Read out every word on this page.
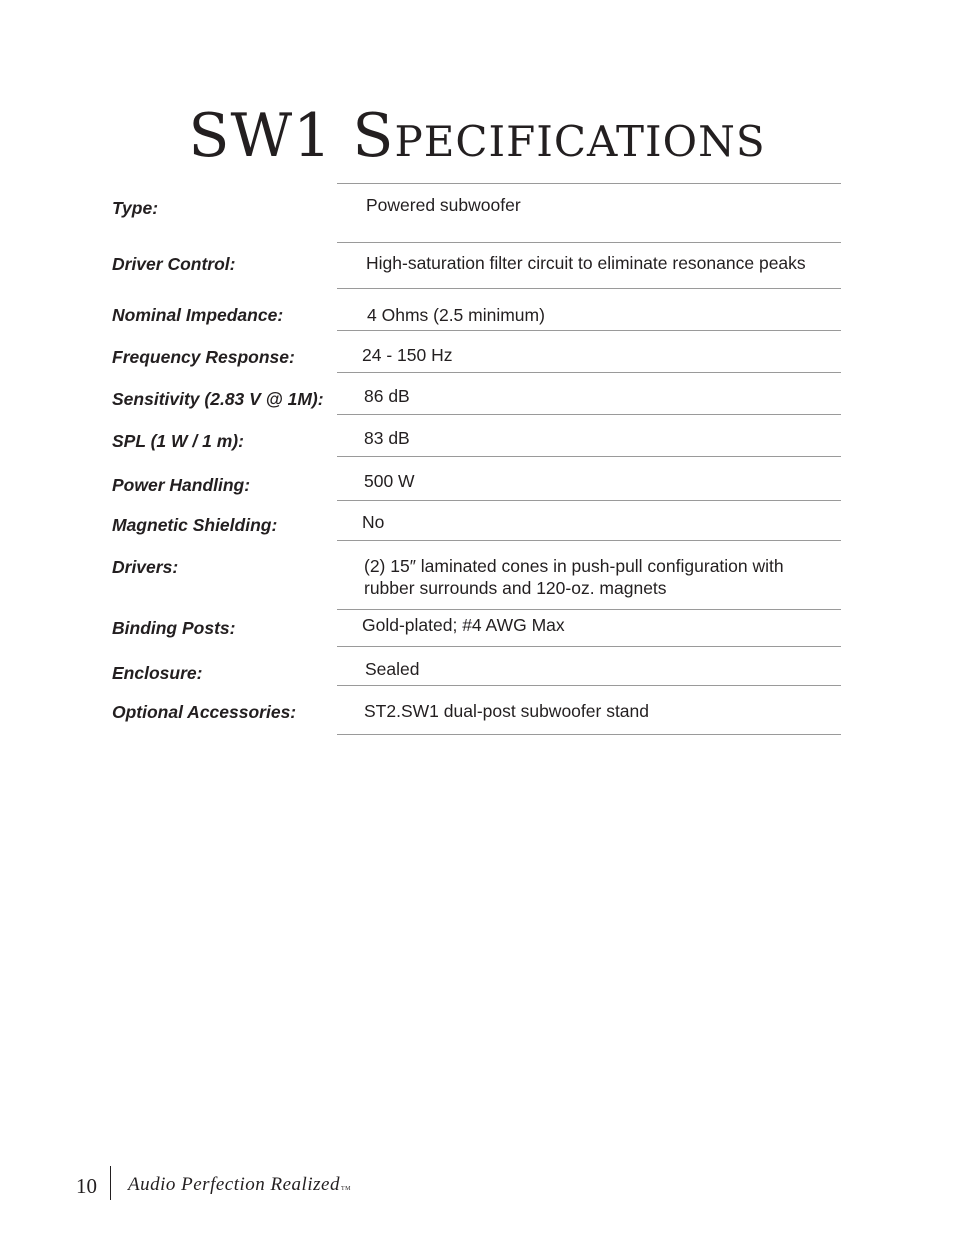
SW1 Specifications
Type:	Powered subwoofer
Driver Control:	High-saturation filter circuit to eliminate resonance peaks
Nominal Impedance:	4 Ohms (2.5 minimum)
Frequency Response:	24 - 150 Hz
Sensitivity (2.83 V @ 1M): 86 dB
SPL (1 W / 1 m):	83 dB
Power Handling:	500 W
Magnetic Shielding:	No
Drivers:	(2) 15″ laminated cones in push-pull configuration with rubber surrounds and 120-oz. magnets
Binding Posts:	Gold-plated; #4 AWG Max
Enclosure:	Sealed
Optional Accessories:	ST2.SW1 dual-post subwoofer stand
10 Audio Perfection RealizedTM
